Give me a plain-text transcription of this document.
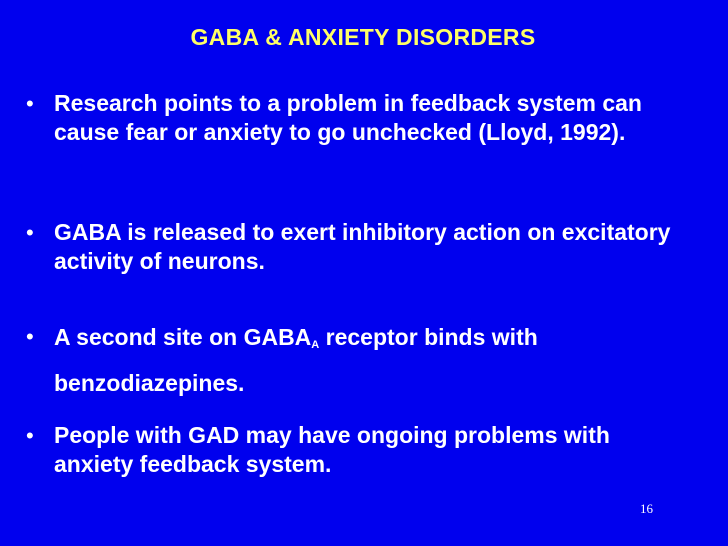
GABA & ANXIETY DISORDERS
• Research points to a problem in feedback system can cause fear or anxiety to go unchecked (Lloyd, 1992).
• GABA is released to exert inhibitory action on excitatory activity of neurons.
• A second site on $GABA_A$ receptor binds with benzodiazepines.
• People with GAD may have ongoing problems with anxiety feedback system.
16
